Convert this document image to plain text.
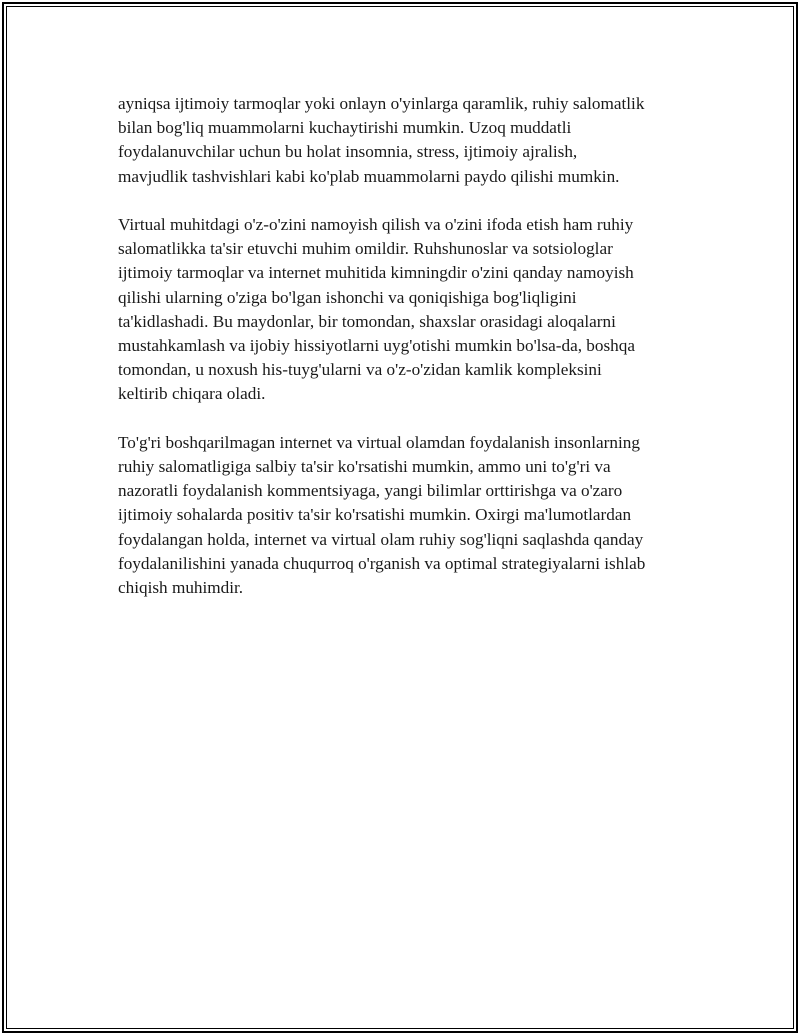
ayniqsa ijtimoiy tarmoqlar yoki onlayn o'yinlarga qaramlik, ruhiy salomatlik
bilan bog'liq muammolarni kuchaytirishi mumkin. Uzoq muddatli
foydalanuvchilar uchun bu holat insomnia, stress, ijtimoiy ajralish,
mavjudlik tashvishlari kabi ko'plab muammolarni paydo qilishi mumkin.

Virtual muhitdagi o'z-o'zini namoyish qilish va o'zini ifoda etish ham ruhiy
salomatlikka ta'sir etuvchi muhim omildir. Ruhshunoslar va sotsiologlar
ijtimoiy tarmoqlar va internet muhitida kimningdir o'zini qanday namoyish
qilishi ularning o'ziga bo'lgan ishonchi va qoniqishiga bog'liqligini
ta'kidlashadi. Bu maydonlar, bir tomondan, shaxslar orasidagi aloqalarni
mustahkamlash va ijobiy hissiyotlarni uyg'otishi mumkin bo'lsa-da, boshqa
tomondan, u noxush his-tuyg'ularni va o'z-o'zidan kamlik kompleksini
keltirib chiqara oladi.

To'g'ri boshqarilmagan internet va virtual olamdan foydalanish insonlarning
ruhiy salomatligiga salbiy ta'sir ko'rsatishi mumkin, ammo uni to'g'ri va
nazoratli foydalanish kommentsiyaga, yangi bilimlar orttirishga va o'zaro
ijtimoiy sohalarda positiv ta'sir ko'rsatishi mumkin. Oxirgi ma'lumotlardan
foydalangan holda, internet va virtual olam ruhiy sog'liqni saqlashda qanday
foydalanilishini yanada chuqurroq o'rganish va optimal strategiyalarni ishlab
chiqish muhimdir.
